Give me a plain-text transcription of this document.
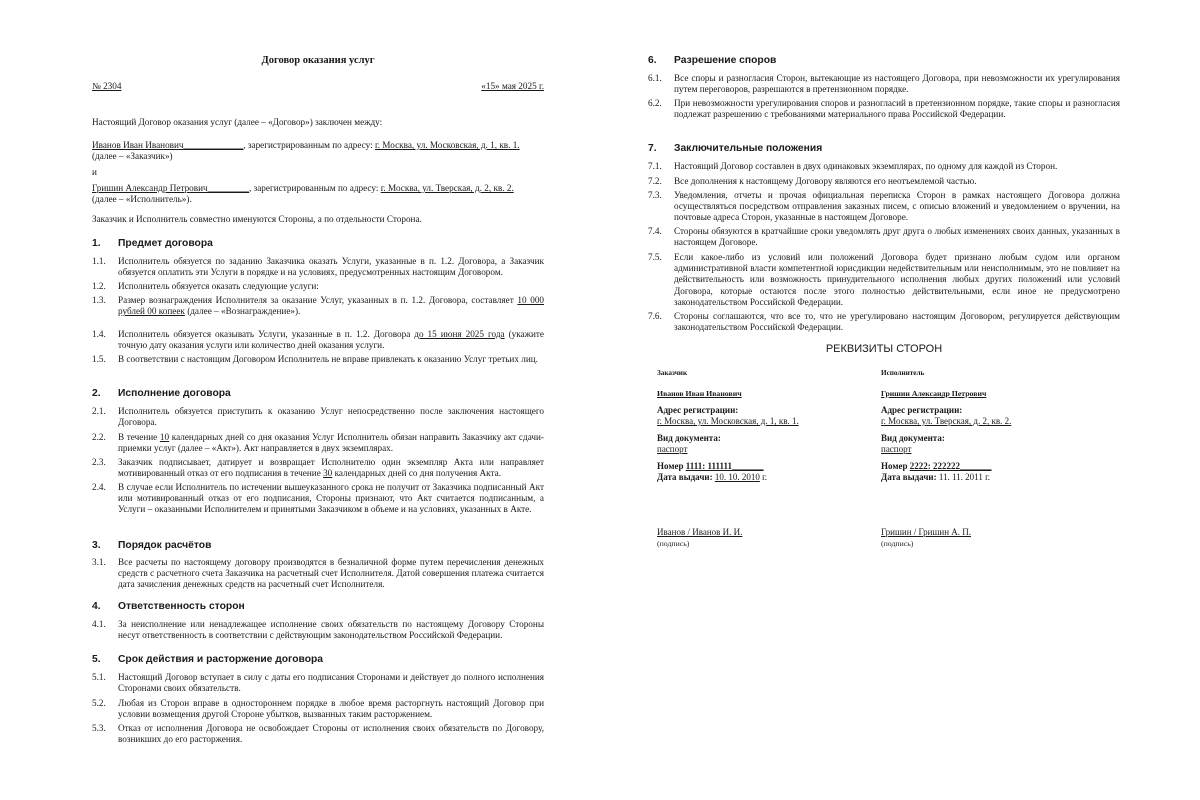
Договор оказания услуг
№ 2304	«15» мая 2025 г.
Настоящий Договор оказания услуг (далее – «Договор») заключен между:
Иванов Иван Иванович_____________, зарегистрированным по адресу: г. Москва, ул. Московская, д. 1, кв. 1.
(далее – «Заказчик»)
и
Гришин Александр Петрович_________, зарегистрированным по адресу: г. Москва, ул. Тверская, д. 2, кв. 2.
(далее – «Исполнитель»).
Заказчик и Исполнитель совместно именуются Стороны, а по отдельности Сторона.
1. Предмет договора
1.1. Исполнитель обязуется по заданию Заказчика оказать Услуги, указанные в п. 1.2. Договора, а Заказчик обязуется оплатить эти Услуги в порядке и на условиях, предусмотренных настоящим Договором.
1.2. Исполнитель обязуется оказать следующие услуги:
1.3. Размер вознаграждения Исполнителя за оказание Услуг, указанных в п. 1.2. Договора, составляет 10 000 рублей 00 копеек (далее – «Вознаграждение»).
1.4. Исполнитель обязуется оказывать Услуги, указанные в п. 1.2. Договора до 15 июня 2025 года (укажите точную дату оказания услуги или количество дней оказания услуги.
1.5. В соответствии с настоящим Договором Исполнитель не вправе привлекать к оказанию Услуг третьих лиц.
2. Исполнение договора
2.1. Исполнитель обязуется приступить к оказанию Услуг непосредственно после заключения настоящего Договора.
2.2. В течение 10 календарных дней со дня оказания Услуг Исполнитель обязан направить Заказчику акт сдачи-приемки услуг (далее – «Акт»). Акт направляется в двух экземплярах.
2.3. Заказчик подписывает, датирует и возвращает Исполнителю один экземпляр Акта или направляет мотивированный отказ от его подписания в течение 30 календарных дней со дня получения Акта.
2.4. В случае если Исполнитель по истечении вышеуказанного срока не получит от Заказчика подписанный Акт или мотивированный отказ от его подписания, Стороны признают, что Акт считается подписанным, а Услуги – оказанными Исполнителем и принятыми Заказчиком в объеме и на условиях, указанных в Акте.
3. Порядок расчётов
3.1. Все расчеты по настоящему договору производятся в безналичной форме путем перечисления денежных средств с расчетного счета Заказчика на расчетный счет Исполнителя. Датой совершения платежа считается дата зачисления денежных средств на расчетный счет Исполнителя.
4. Ответственность сторон
4.1. За неисполнение или ненадлежащее исполнение своих обязательств по настоящему Договору Стороны несут ответственность в соответствии с действующим законодательством Российской Федерации.
5. Срок действия и расторжение договора
5.1. Настоящий Договор вступает в силу с даты его подписания Сторонами и действует до полного исполнения Сторонами своих обязательств.
5.2. Любая из Сторон вправе в одностороннем порядке в любое время расторгнуть настоящий Договор при условии возмещения другой Стороне убытков, вызванных таким расторжением.
5.3. Отказ от исполнения Договора не освобождает Стороны от исполнения своих обязательств по Договору, возникших до его расторжения.
6. Разрешение споров
6.1. Все споры и разногласия Сторон, вытекающие из настоящего Договора, при невозможности их урегулирования путем переговоров, разрешаются в претензионном порядке.
6.2. При невозможности урегулирования споров и разногласий в претензионном порядке, такие споры и разногласия подлежат разрешению с требованиями материального права Российской Федерации.
7. Заключительные положения
7.1. Настоящий Договор составлен в двух одинаковых экземплярах, по одному для каждой из Сторон.
7.2. Все дополнения к настоящему Договору являются его неотъемлемой частью.
7.3. Уведомления, отчеты и прочая официальная переписка Сторон в рамках настоящего Договора должна осуществляться посредством отправления заказных писем, с описью вложений и уведомлением о вручении, на почтовые адреса Сторон, указанные в настоящем Договоре.
7.4. Стороны обязуются в кратчайшие сроки уведомлять друг друга о любых изменениях своих данных, указанных в настоящем Договоре.
7.5. Если какое-либо из условий или положений Договора будет признано любым судом или органом административной власти компетентной юрисдикции недействительным или неисполнимым, это не повлияет на действительность или возможность принудительного исполнения любых других положений или условий Договора, которые остаются после этого полностью действительными, если иное не предусмотрено законодательством Российской Федерации.
7.6. Стороны соглашаются, что все то, что не урегулировано настоящим Договором, регулируется действующим законодательством Российской Федерации.
РЕКВИЗИТЫ СТОРОН
Заказчик
Иванов Иван Иванович
Адрес регистрации:
г. Москва, ул. Московская, д. 1, кв. 1.
Вид документа:
паспорт
Номер 1111: 111111_______
Дата выдачи: 10. 10. 2010 г.
Исполнитель
Гришин Александр Петрович
Адрес регистрации:
г. Москва, ул. Тверская, д. 2, кв. 2.
Вид документа:
паспорт
Номер 2222: 222222_______
Дата выдачи: 11. 11. 2011 г.
Иванов / Иванов И. И.
(подпись)
Гришин / Гришин А. П.
(подпись)
